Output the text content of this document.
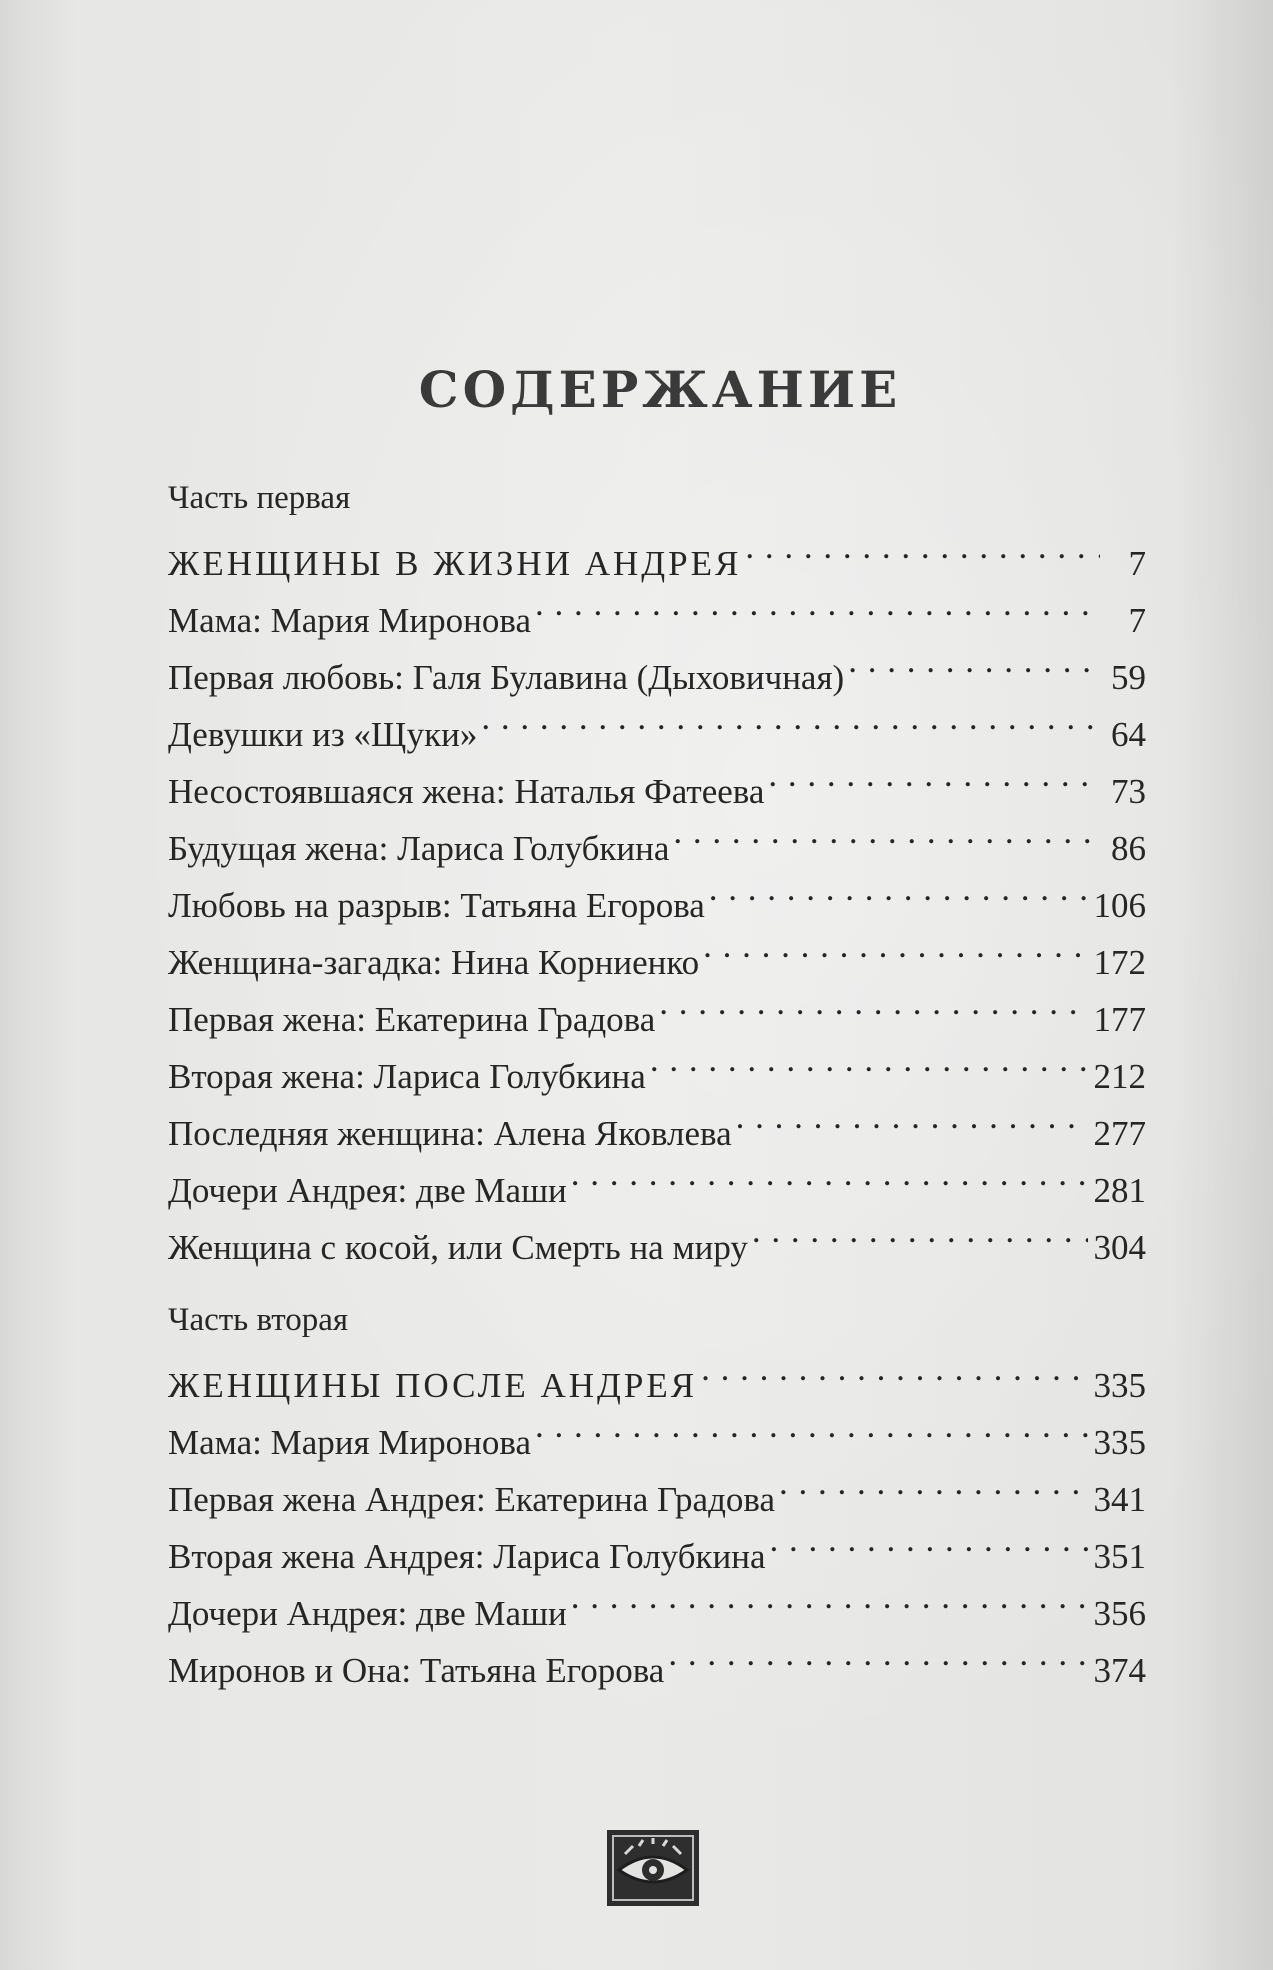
СОДЕРЖАНИЕ
Часть первая
ЖЕНЩИНЫ В ЖИЗНИ АНДРЕЯ . . .	7
Мама: Мария Миронова . . .	7
Первая любовь: Галя Булавина (Дыховичная) . . .	59
Девушки из «Щуки» . . .	64
Несостоявшаяся жена: Наталья Фатеева . . .	73
Будущая жена: Лариса Голубкина . . .	86
Любовь на разрыв: Татьяна Егорова . . .	106
Женщина-загадка: Нина Корниенко . . .	172
Первая жена: Екатерина Градова . . .	177
Вторая жена: Лариса Голубкина . . .	212
Последняя женщина: Алена Яковлева . . .	277
Дочери Андрея: две Маши . . .	281
Женщина с косой, или Смерть на миру . . .	304
Часть вторая
ЖЕНЩИНЫ ПОСЛЕ АНДРЕЯ . . .	335
Мама: Мария Миронова . . .	335
Первая жена Андрея: Екатерина Градова . . .	341
Вторая жена Андрея: Лариса Голубкина . . .	351
Дочери Андрея: две Маши . . .	356
Миронов и Она: Татьяна Егорова . . .	374
